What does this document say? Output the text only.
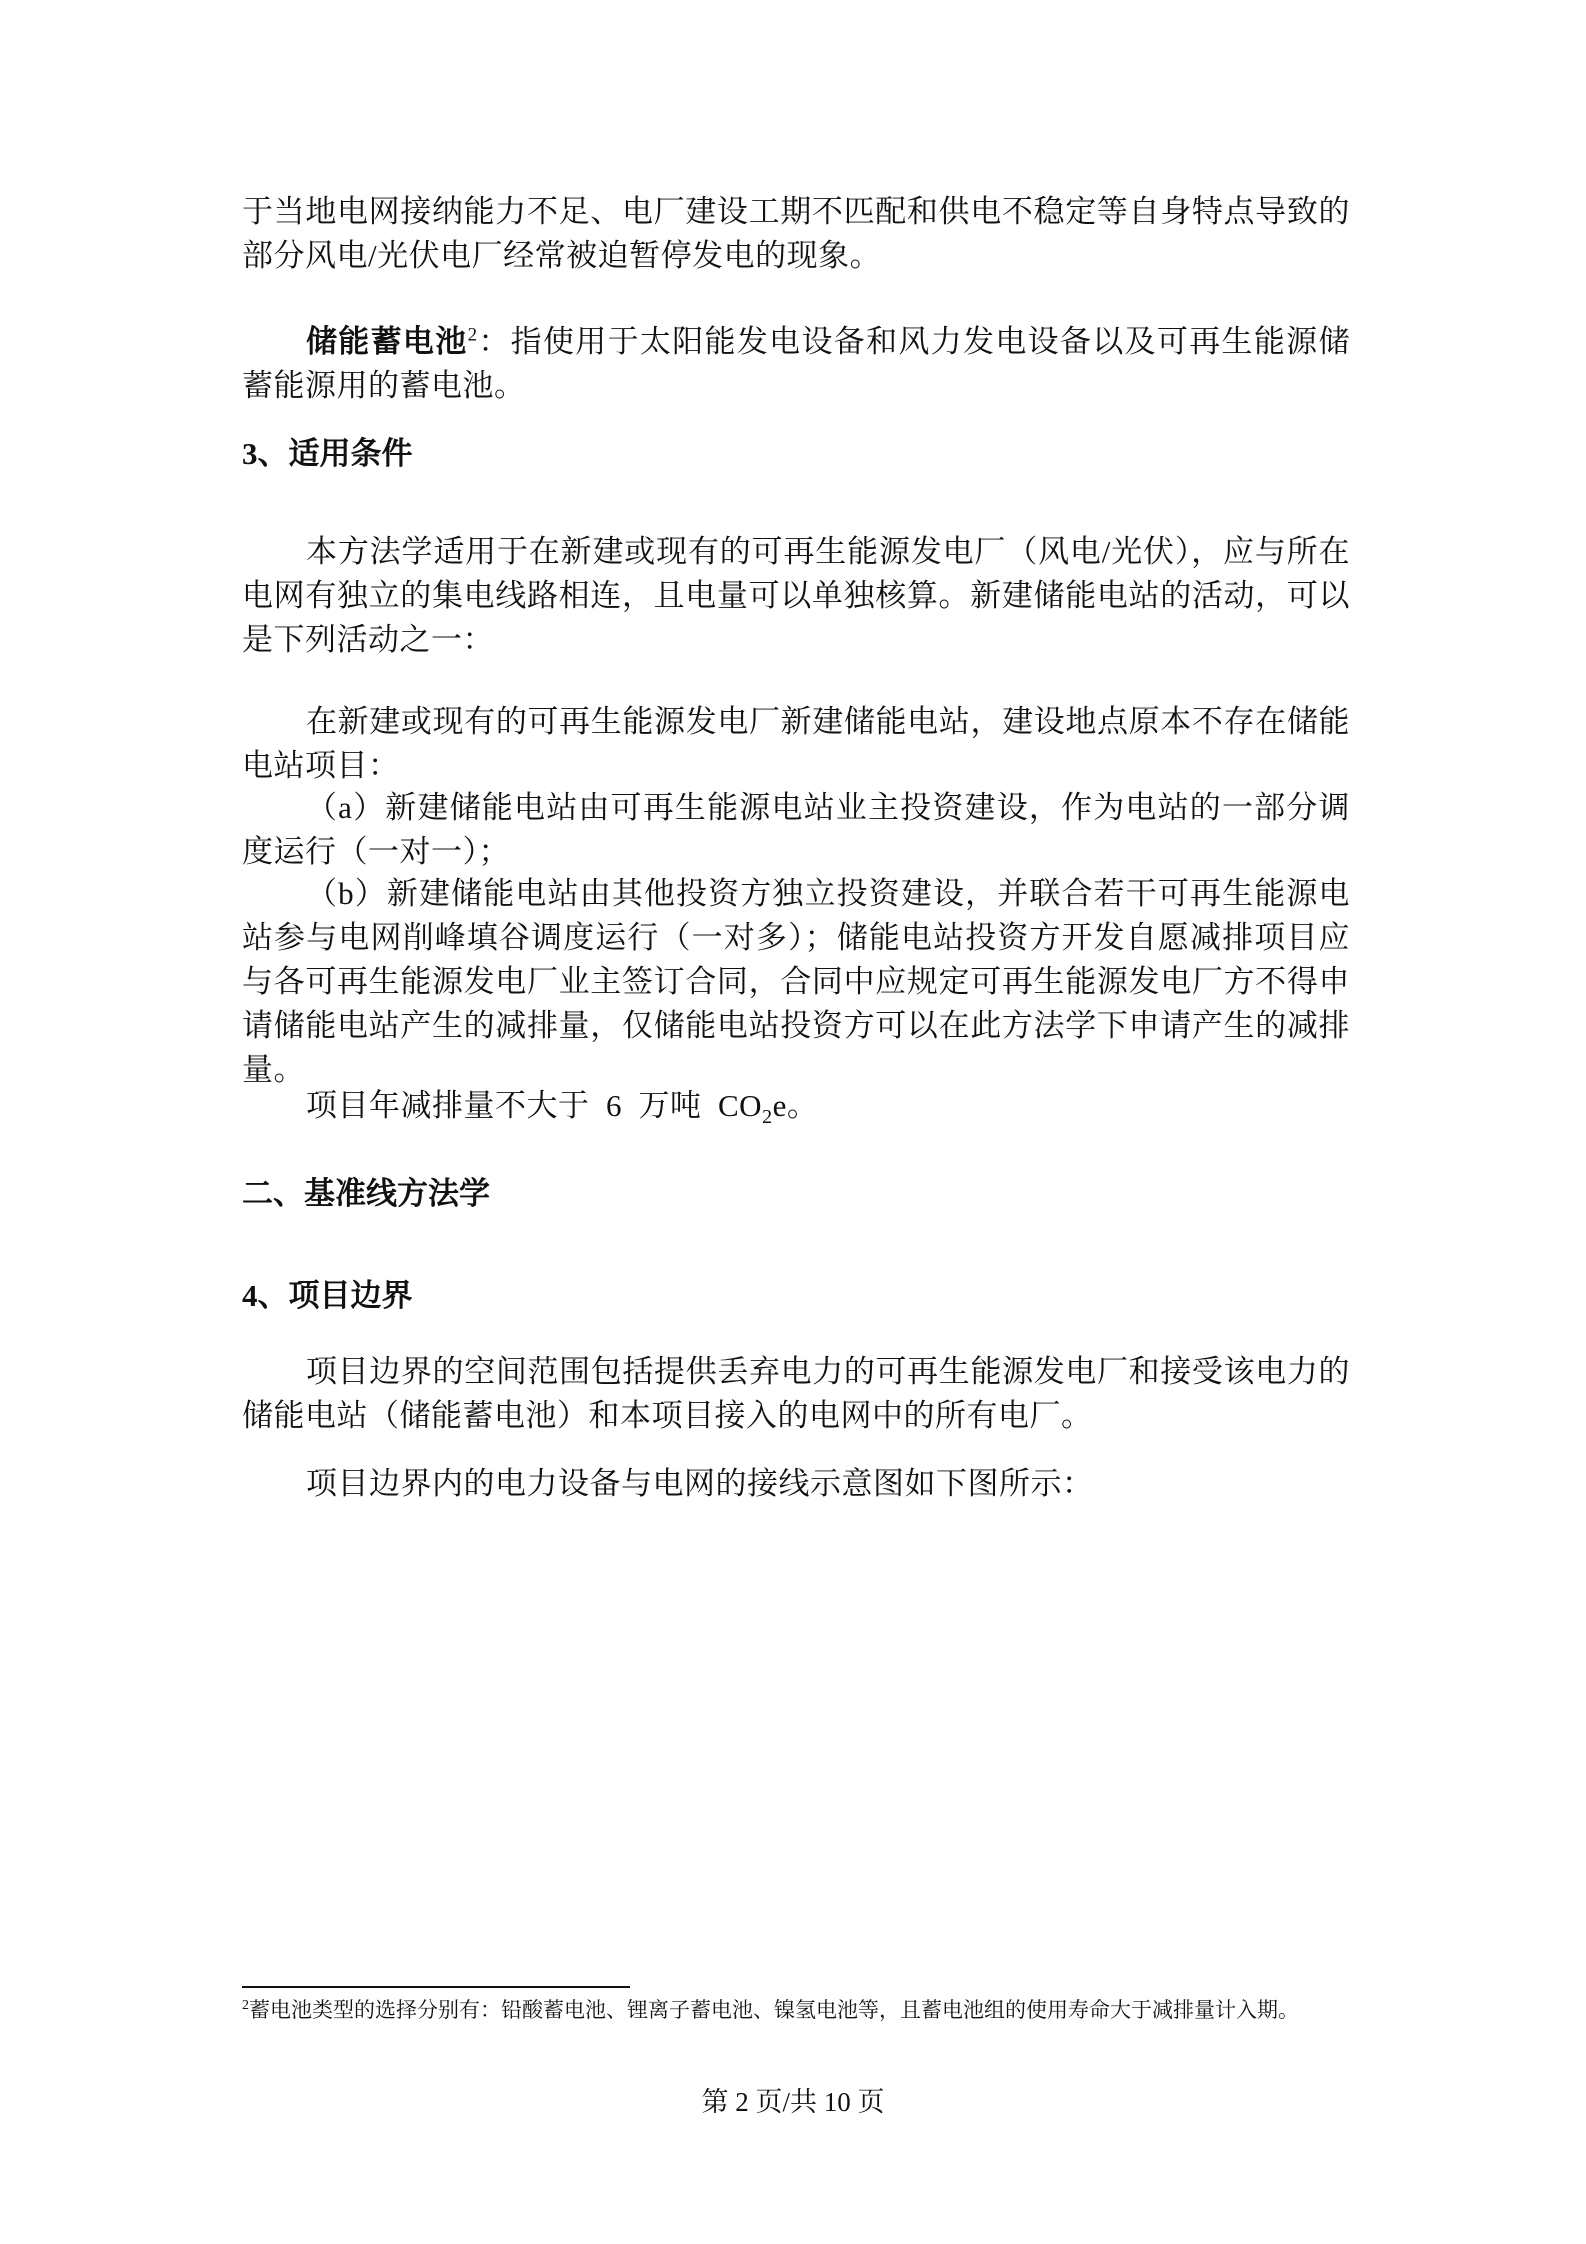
于当地电网接纳能力不足、电厂建设工期不匹配和供电不稳定等自身特点导致的部分风电/光伏电厂经常被迫暂停发电的现象。
储能蓄电池$^2$：指使用于太阳能发电设备和风力发电设备以及可再生能源储蓄能源用的蓄电池。
3、适用条件
本方法学适用于在新建或现有的可再生能源发电厂（风电/光伏），应与所在电网有独立的集电线路相连，且电量可以单独核算。新建储能电站的活动，可以是下列活动之一：
在新建或现有的可再生能源发电厂新建储能电站，建设地点原本不存在储能电站项目：
（a）新建储能电站由可再生能源电站业主投资建设，作为电站的一部分调度运行（一对一）；
（b）新建储能电站由其他投资方独立投资建设，并联合若干可再生能源电站参与电网削峰填谷调度运行（一对多）；储能电站投资方开发自愿减排项目应与各可再生能源发电厂业主签订合同，合同中应规定可再生能源发电厂方不得申请储能电站产生的减排量，仅储能电站投资方可以在此方法学下申请产生的减排量。
项目年减排量不大于  6  万吨  $CO_2e$。
二、基准线方法学
4、项目边界
项目边界的空间范围包括提供丢弃电力的可再生能源发电厂和接受该电力的储能电站（储能蓄电池）和本项目接入的电网中的所有电厂。
项目边界内的电力设备与电网的接线示意图如下图所示：
$^2$蓄电池类型的选择分别有：铅酸蓄电池、锂离子蓄电池、镍氢电池等，且蓄电池组的使用寿命大于减排量计入期。
第 2 页/共 10 页
